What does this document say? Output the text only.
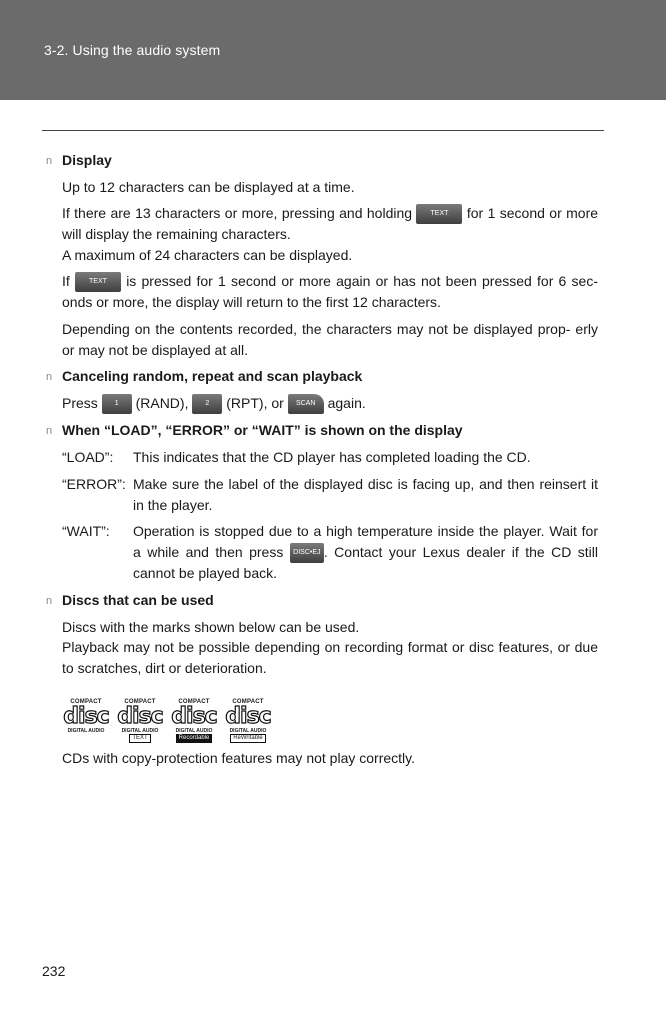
3-2. Using the audio system
n Display
Up to 12 characters can be displayed at a time.
If there are 13 characters or more, pressing and holding	TEXT for 1 second or more will display the remaining characters.
A maximum of 24 characters can be displayed.
If	TEXT is pressed for 1 second or more again or has not been pressed for 6 sec- onds or more, the display will return to the first 12 characters.
Depending on the contents recorded, the characters may not be displayed prop- erly or may not be displayed at all.
n Canceling random, repeat and scan playback
Press 1 (RAND), 2 (RPT), or SCAN again.
n When “LOAD”, “ERROR” or “WAIT” is shown on the display
“LOAD”: This indicates that the CD player has completed loading the CD.
“ERROR”: Make sure the label of the displayed disc is facing up, and then reinsert it in the player.
“WAIT”: Operation is stopped due to a high temperature inside the player. Wait for a while and then press DISC•EJ . Contact your Lexus dealer if the CD still cannot be played back.
n Discs that can be used
Discs with the marks shown below can be used.
Playback may not be possible depending on recording format or disc features, or due to scratches, dirt or deterioration.
COMPACT
disc
DIGITAL AUDIO
COMPACT
disc
DIGITAL AUDIO
TEXT
COMPACT
disc
DIGITAL AUDIO
Recordable
COMPACT
disc
DIGITAL AUDIO
ReWritable
CDs with copy-protection features may not play correctly.
232
